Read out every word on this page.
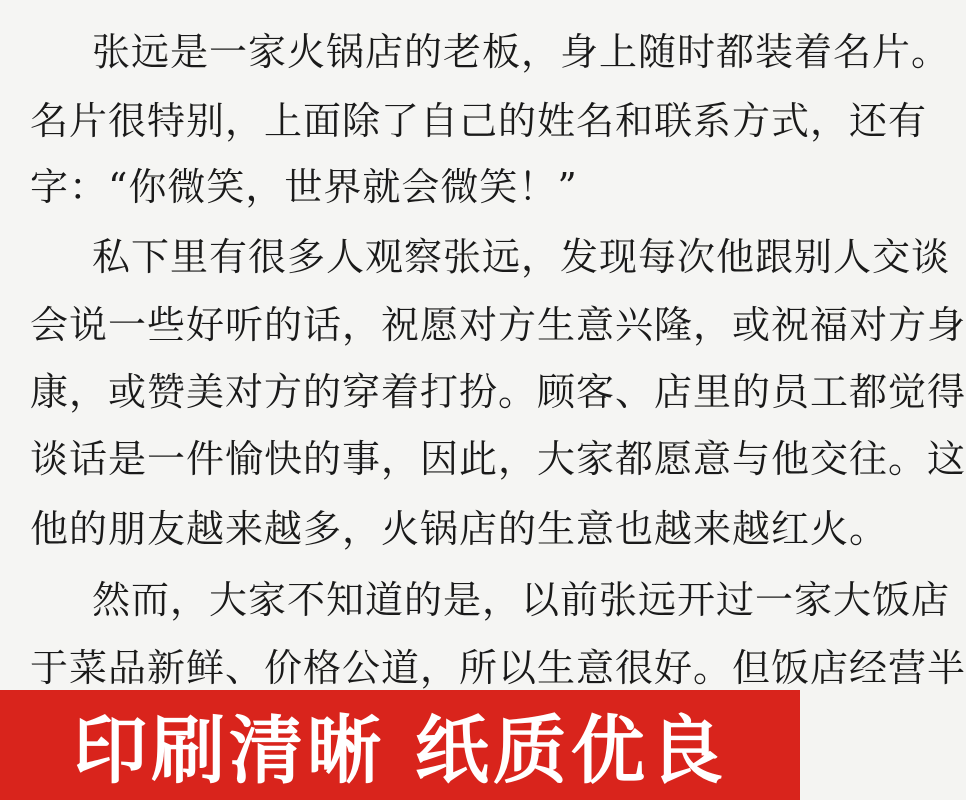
张远是一家火锅店的老板，身上随时都装着名片。
名片很特别，上面除了自己的姓名和联系方式，还有
字：“你微笑，世界就会微笑！”
私下里有很多人观察张远，发现每次他跟别人交谈
会说一些好听的话，祝愿对方生意兴隆，或祝福对方身
康，或赞美对方的穿着打扮。顾客、店里的员工都觉得
谈话是一件愉快的事，因此，大家都愿意与他交往。这
他的朋友越来越多，火锅店的生意也越来越红火。
然而，大家不知道的是，以前张远开过一家大饭店
于菜品新鲜、价格公道，所以生意很好。但饭店经营半
印刷清晰 纸质优良
